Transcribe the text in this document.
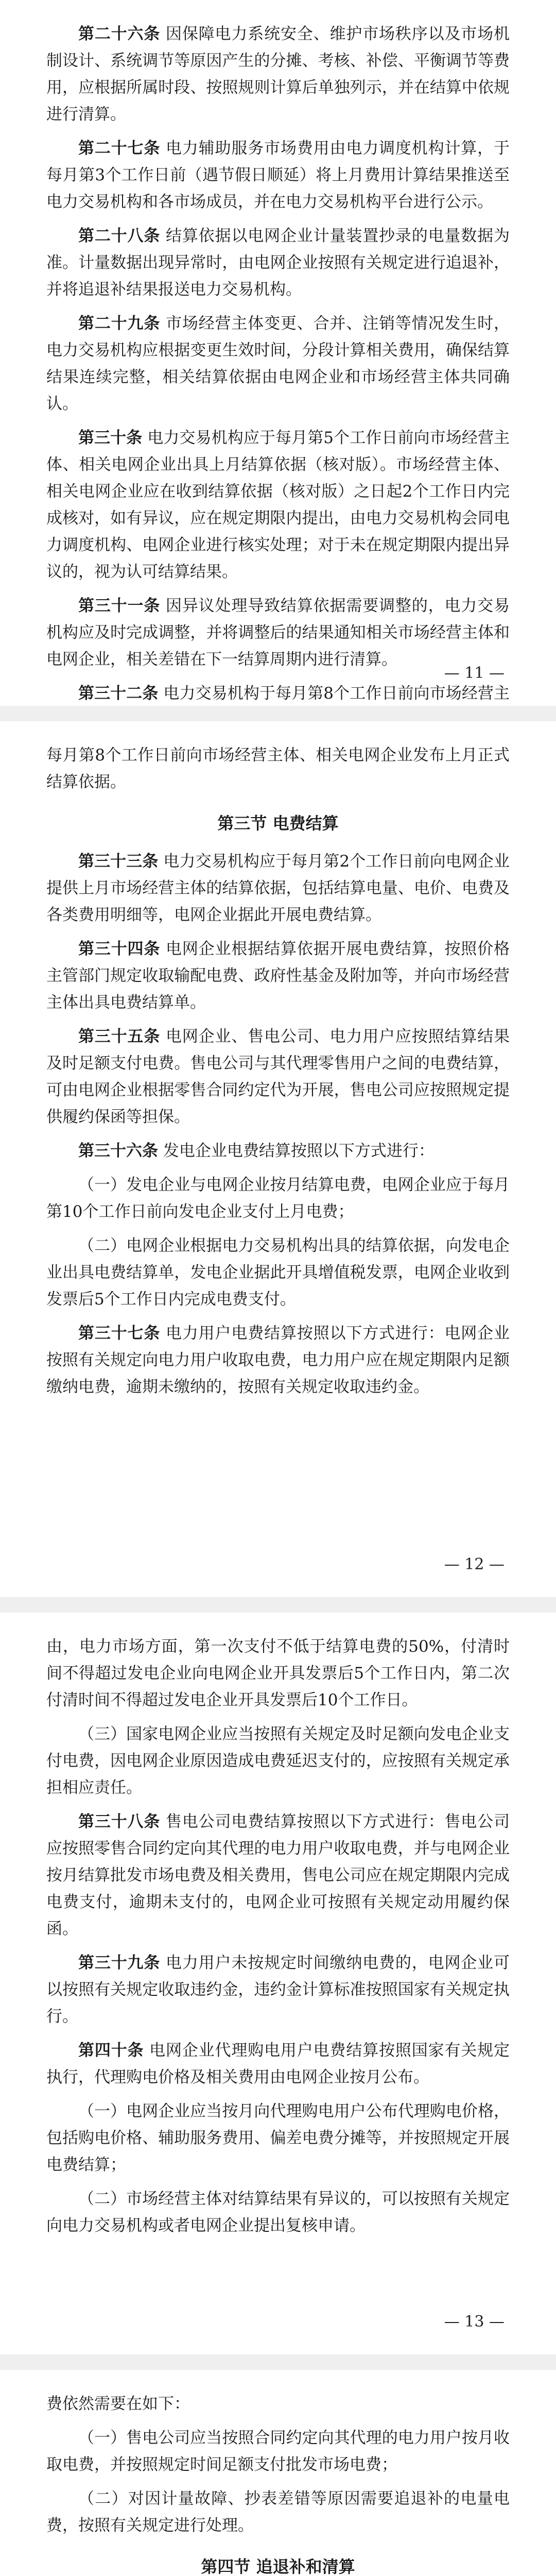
第二十六条 因保障电力系统安全、维护市场秩序以及市场机制设计、系统调节等原因产生的分摊、考核、补偿、平衡调节等费用，应根据所属时段、按照规则计算后单独列示，并在结算中依规进行清算。

第二十七条 电力辅助服务市场费用由电力调度机构计算，于每月第3个工作日前（遇节假日顺延）将上月费用计算结果推送至电力交易机构和各市场成员，并在电力交易机构平台进行公示。

第二十八条 结算依据以电网企业计量装置抄录的电量数据为准。计量数据出现异常时，由电网企业按照有关规定进行追退补，并将追退补结果报送电力交易机构。

第二十九条 市场经营主体变更、合并、注销等情况发生时，电力交易机构应根据变更生效时间，分段计算相关费用，确保结算结果连续完整，相关结算依据由电网企业和市场经营主体共同确认。

第三十条 电力交易机构应于每月第5个工作日前向市场经营主体、相关电网企业出具上月结算依据（核对版）。市场经营主体、相关电网企业应在收到结算依据（核对版）之日起2个工作日内完成核对，如有异议，应在规定期限内提出，由电力交易机构会同电力调度机构、电网企业进行核实处理；对于未在规定期限内提出异议的，视为认可结算结果。

第三十一条 因异议处理导致结算依据需要调整的，电力交易机构应及时完成调整，并将调整后的结果通知相关市场经营主体和电网企业，相关差错在下一结算周期内进行清算。

第三十二条 电力交易机构于每月第8个工作日前向市场经营主

— 11 —

每月第8个工作日前向市场经营主体、相关电网企业发布上月正式结算依据。

第三节 电费结算

第三十三条 电力交易机构应于每月第2个工作日前向电网企业提供上月市场经营主体的结算依据，包括结算电量、电价、电费及各类费用明细等，电网企业据此开展电费结算。

第三十四条 电网企业根据结算依据开展电费结算，按照价格主管部门规定收取输配电费、政府性基金及附加等，并向市场经营主体出具电费结算单。

第三十五条 电网企业、售电公司、电力用户应按照结算结果及时足额支付电费。售电公司与其代理零售用户之间的电费结算，可由电网企业根据零售合同约定代为开展，售电公司应按照规定提供履约保函等担保。

第三十六条 发电企业电费结算按照以下方式进行：

（一）发电企业与电网企业按月结算电费，电网企业应于每月第10个工作日前向发电企业支付上月电费；

（二）电网企业根据电力交易机构出具的结算依据，向发电企业出具电费结算单，发电企业据此开具增值税发票，电网企业收到发票后5个工作日内完成电费支付。

第三十七条 电力用户电费结算按照以下方式进行：电网企业按照有关规定向电力用户收取电费，电力用户应在规定期限内足额缴纳电费，逾期未缴纳的，按照有关规定收取违约金。

— 12 —

由，电力市场方面，第一次支付不低于结算电费的50%，付清时间不得超过发电企业向电网企业开具发票后5个工作日内，第二次付清时间不得超过发电企业开具发票后10个工作日。

（三）国家电网企业应当按照有关规定及时足额向发电企业支付电费，因电网企业原因造成电费延迟支付的，应按照有关规定承担相应责任。

第三十八条 售电公司电费结算按照以下方式进行：售电公司应按照零售合同约定向其代理的电力用户收取电费，并与电网企业按月结算批发市场电费及相关费用，售电公司应在规定期限内完成电费支付，逾期未支付的，电网企业可按照有关规定动用履约保函。

第三十九条 电力用户未按规定时间缴纳电费的，电网企业可以按照有关规定收取违约金，违约金计算标准按照国家有关规定执行。

第四十条 电网企业代理购电用户电费结算按照国家有关规定执行，代理购电价格及相关费用由电网企业按月公布。

（一）电网企业应当按月向代理购电用户公布代理购电价格，包括购电价格、辅助服务费用、偏差电费分摊等，并按照规定开展电费结算；

（二）市场经营主体对结算结果有异议的，可以按照有关规定向电力交易机构或者电网企业提出复核申请。

— 13 —

费依然需要在如下：

（一）售电公司应当按照合同约定向其代理的电力用户按月收取电费，并按照规定时间足额支付批发市场电费；

（二）对因计量故障、抄表差错等原因需要追退补的电量电费，按照有关规定进行处理。

第四节 追退补和清算
